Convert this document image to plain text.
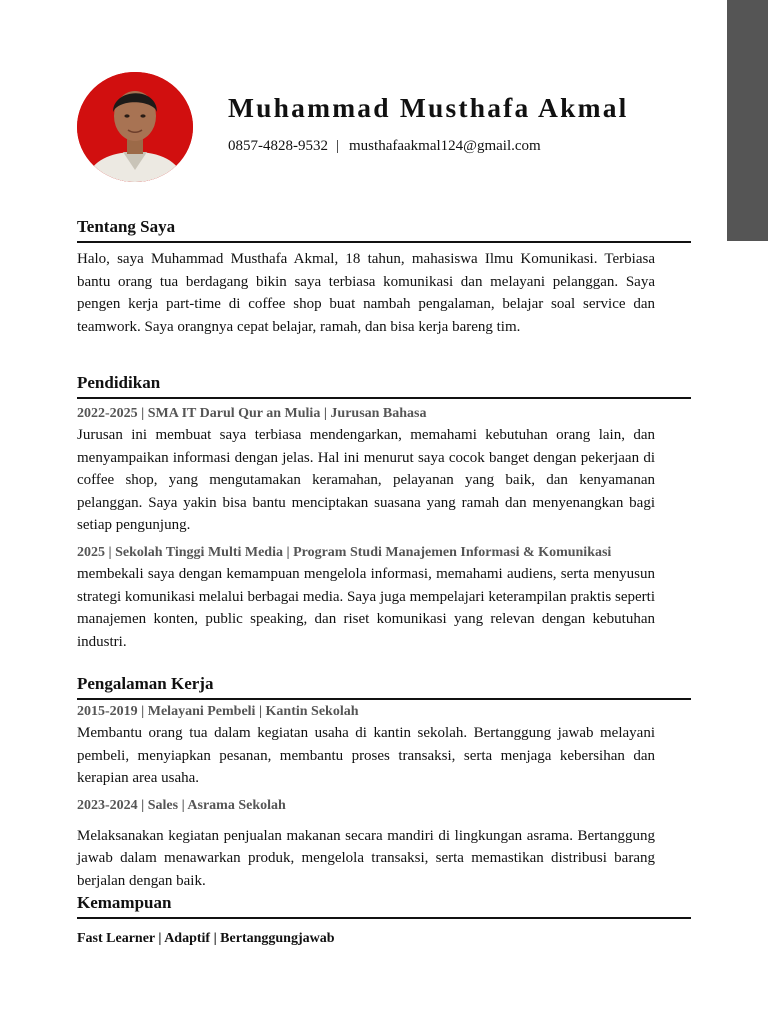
Muhammad Musthafa Akmal
0857-4828-9532 | musthafaakmal124@gmail.com
Tentang Saya

Halo, saya Muhammad Musthafa Akmal, 18 tahun, mahasiswa Ilmu Komunikasi. Terbiasa bantu orang tua berdagang bikin saya terbiasa komunikasi dan melayani pelanggan. Saya pengen kerja part-time di coffee shop buat nambah pengalaman, belajar soal service dan teamwork. Saya orangnya cepat belajar, ramah, dan bisa kerja bareng tim.

Pendidikan

2022-2025 | SMA IT Darul Qur an Mulia | Jurusan Bahasa

Jurusan ini membuat saya terbiasa mendengarkan, memahami kebutuhan orang lain, dan menyampaikan informasi dengan jelas. Hal ini menurut saya cocok banget dengan pekerjaan di coffee shop, yang mengutamakan keramahan, pelayanan yang baik, dan kenyamanan pelanggan. Saya yakin bisa bantu menciptakan suasana yang ramah dan menyenangkan bagi setiap pengunjung.

2025 | Sekolah Tinggi Multi Media | Program Studi Manajemen Informasi & Komunikasi

membekali saya dengan kemampuan mengelola informasi, memahami audiens, serta menyusun strategi komunikasi melalui berbagai media. Saya juga mempelajari keterampilan praktis seperti manajemen konten, public speaking, dan riset komunikasi yang relevan dengan kebutuhan industri.

Pengalaman Kerja

2015-2019 | Melayani Pembeli | Kantin Sekolah

Membantu orang tua dalam kegiatan usaha di kantin sekolah. Bertanggung jawab melayani pembeli, menyiapkan pesanan, membantu proses transaksi, serta menjaga kebersihan dan kerapian area usaha.

2023-2024 | Sales | Asrama Sekolah

Melaksanakan kegiatan penjualan makanan secara mandiri di lingkungan asrama. Bertanggung jawab dalam menawarkan produk, mengelola transaksi, serta memastikan distribusi barang berjalan dengan baik.

Kemampuan

Fast Learner | Adaptif | Bertanggungjawab
